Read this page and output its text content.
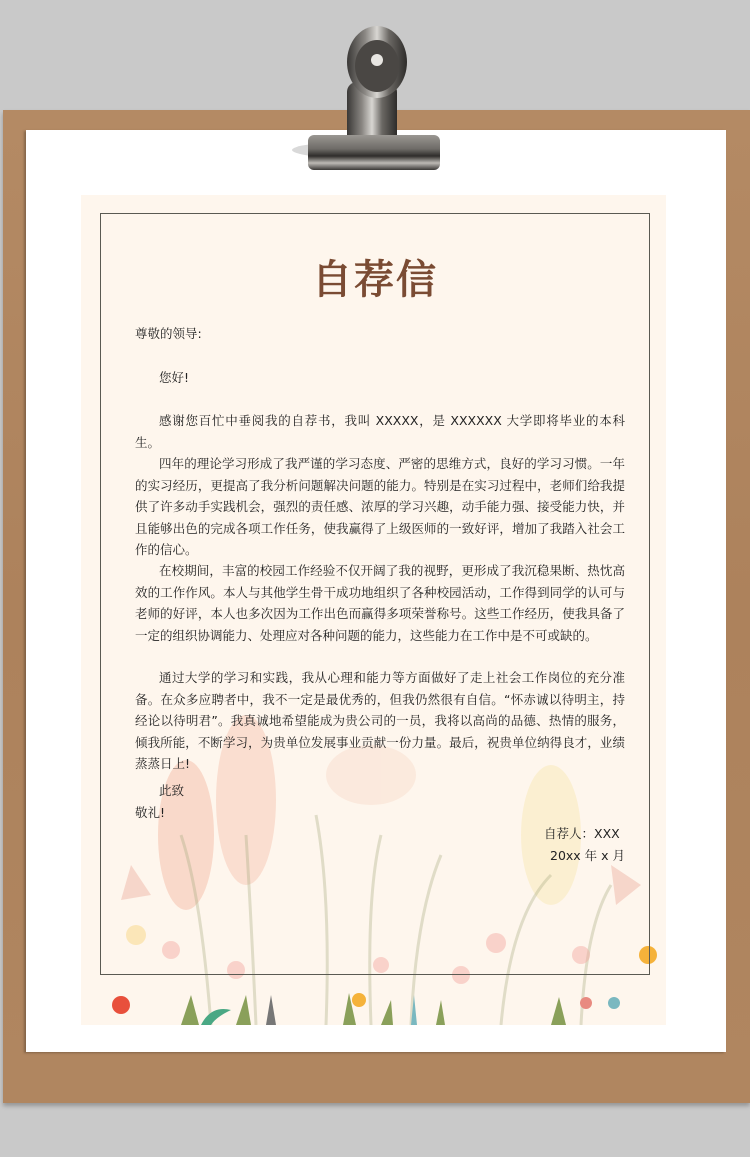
自荐信
尊敬的领导:
您好!
感谢您百忙中垂阅我的自荐书，我叫 XXXXX，是 XXXXXX 大学即将毕业的本科生。
四年的理论学习形成了我严谨的学习态度、严密的思维方式，良好的学习习惯。一年的实习经历，更提高了我分析问题解决问题的能力。特别是在实习过程中，老师们给我提供了许多动手实践机会，强烈的责任感、浓厚的学习兴趣，动手能力强、接受能力快，并且能够出色的完成各项工作任务，使我赢得了上级医师的一致好评，增加了我踏入社会工作的信心。
在校期间，丰富的校园工作经验不仅开阔了我的视野，更形成了我沉稳果断、热忱高效的工作作风。本人与其他学生骨干成功地组织了各种校园活动，工作得到同学的认可与老师的好评，本人也多次因为工作出色而赢得多项荣誉称号。这些工作经历，使我具备了一定的组织协调能力、处理应对各种问题的能力，这些能力在工作中是不可或缺的。
通过大学的学习和实践，我从心理和能力等方面做好了走上社会工作岗位的充分准备。在众多应聘者中，我不一定是最优秀的，但我仍然很有自信。“怀赤诚以待明主，持经论以待明君”。我真诚地希望能成为贵公司的一员，我将以高尚的品德、热情的服务，倾我所能，不断学习，为贵单位发展事业贡献一份力量。最后，祝贵单位纳得良才，业绩蒸蒸日上!
此致
敬礼!
自荐人：XXX
20xx 年 x 月
